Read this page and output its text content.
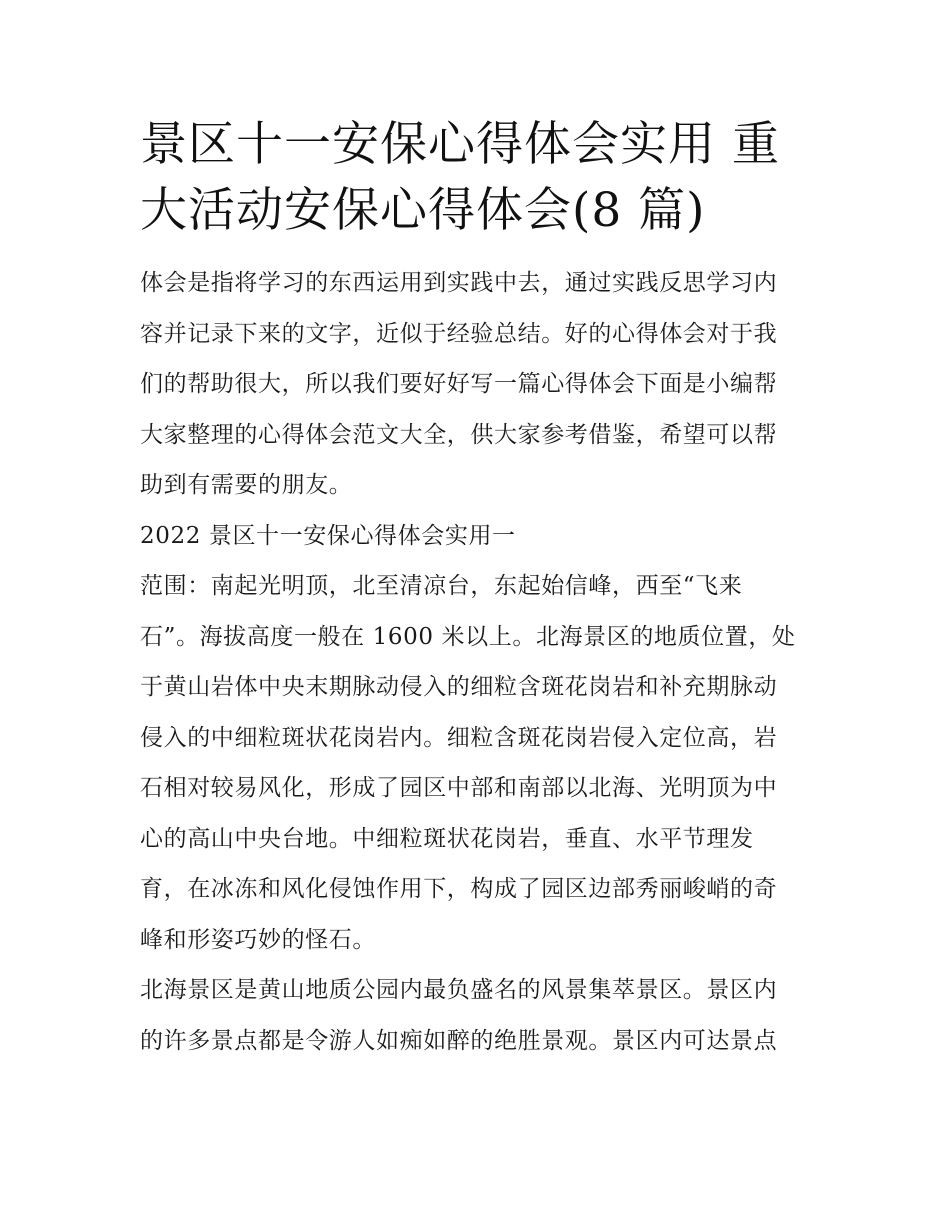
景区十一安保心得体会实用 重
大活动安保心得体会(8 篇)

体会是指将学习的东西运用到实践中去，通过实践反思学习内
容并记录下来的文字，近似于经验总结。好的心得体会对于我
们的帮助很大，所以我们要好好写一篇心得体会下面是小编帮
大家整理的心得体会范文大全，供大家参考借鉴，希望可以帮
助到有需要的朋友。

2022 景区十一安保心得体会实用一

范围：南起光明顶，北至清凉台，东起始信峰，西至“飞来
石”。海拔高度一般在 1600 米以上。北海景区的地质位置，处
于黄山岩体中央末期脉动侵入的细粒含斑花岗岩和补充期脉动
侵入的中细粒斑状花岗岩内。细粒含斑花岗岩侵入定位高，岩
石相对较易风化，形成了园区中部和南部以北海、光明顶为中
心的高山中央台地。中细粒斑状花岗岩，垂直、水平节理发
育，在冰冻和风化侵蚀作用下，构成了园区边部秀丽峻峭的奇
峰和形姿巧妙的怪石。

北海景区是黄山地质公园内最负盛名的风景集萃景区。景区内
的许多景点都是令游人如痴如醉的绝胜景观。景区内可达景点
